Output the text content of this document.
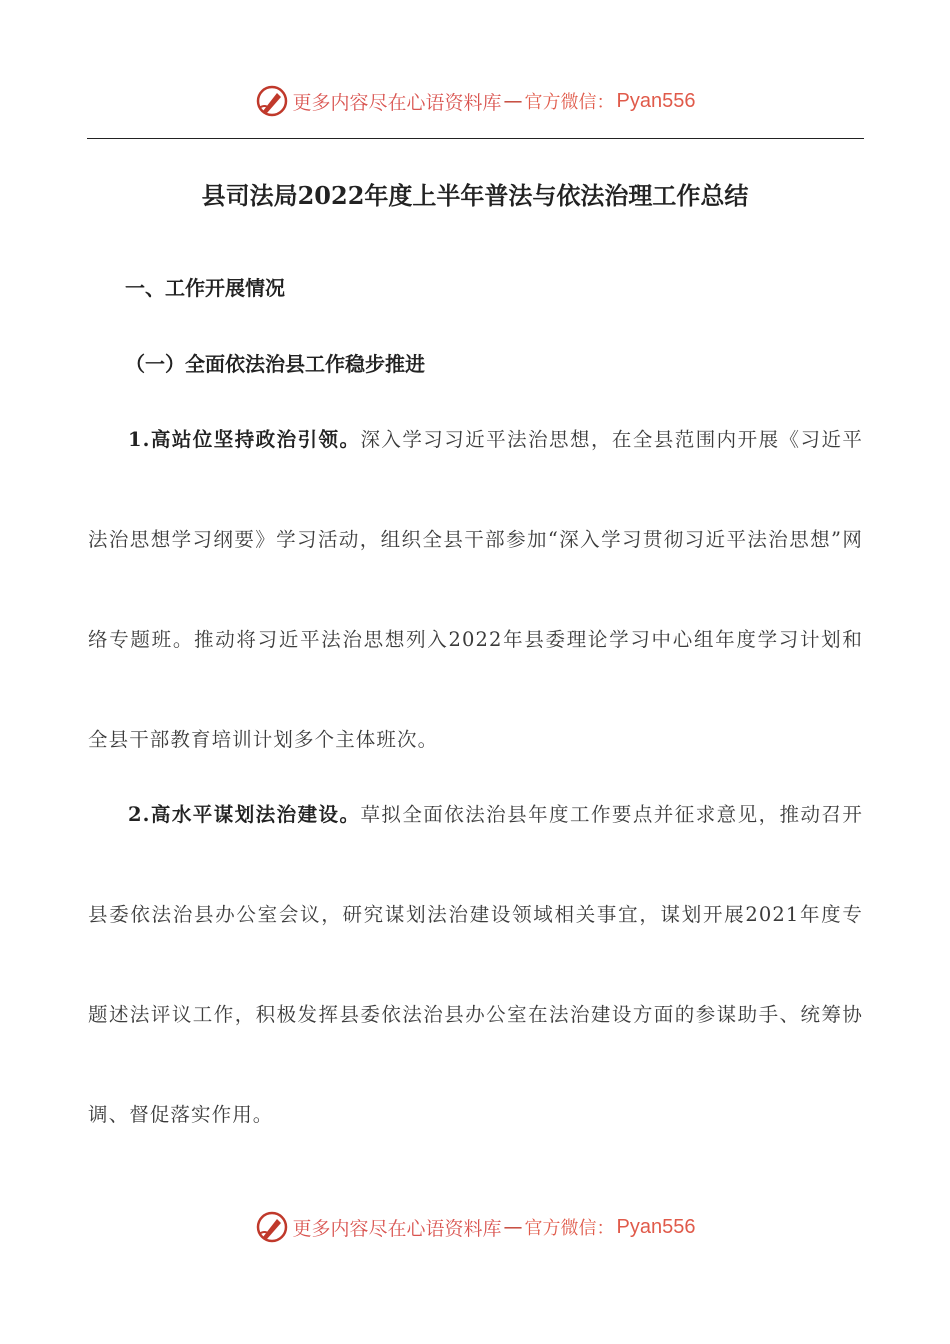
更多内容尽在心语资料库 — 官方微信： Pyan556
县司法局2022年度上半年普法与依法治理工作总结
一、工作开展情况
（一）全面依法治县工作稳步推进
1.高站位坚持政治引领。深入学习习近平法治思想，在全县范围内开展《习近平法治思想学习纲要》学习活动，组织全县干部参加“深入学习贯彻习近平法治思想”网络专题班。推动将习近平法治思想列入2022年县委理论学习中心组年度学习计划和全县干部教育培训计划多个主体班次。
2.高水平谋划法治建设。草拟全面依法治县年度工作要点并征求意见，推动召开县委依法治县办公室会议，研究谋划法治建设领域相关事宜，谋划开展2021年度专题述法评议工作，积极发挥县委依法治县办公室在法治建设方面的参谋助手、统筹协调、督促落实作用。
更多内容尽在心语资料库 — 官方微信： Pyan556
